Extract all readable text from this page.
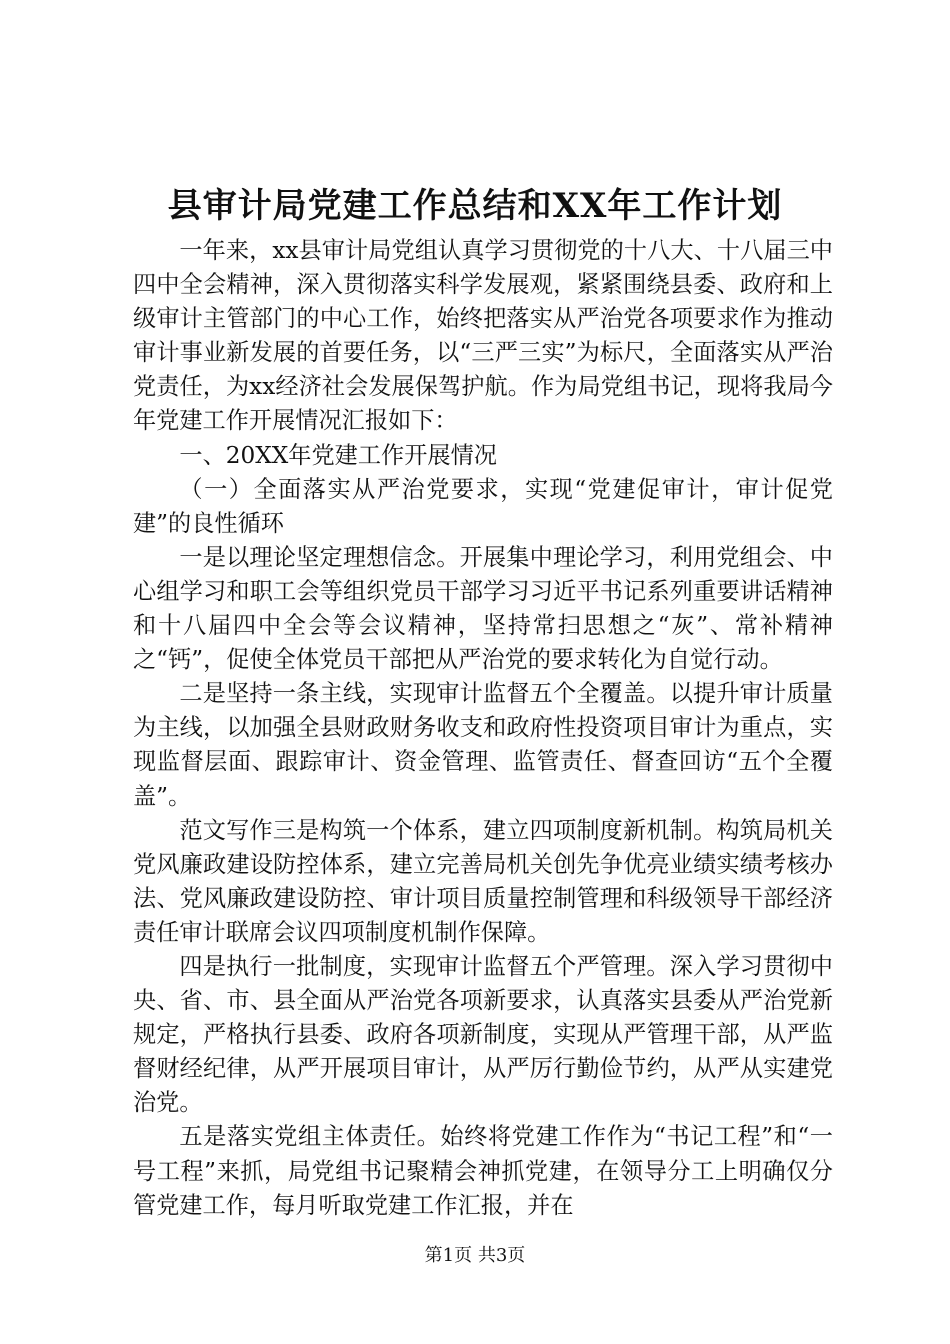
县审计局党建工作总结和XX年工作计划

一年来，xx县审计局党组认真学习贯彻党的十八大、十八届三中四中全会精神，深入贯彻落实科学发展观，紧紧围绕县委、政府和上级审计主管部门的中心工作，始终把落实从严治党各项要求作为推动审计事业新发展的首要任务，以“三严三实”为标尺，全面落实从严治党责任，为xx经济社会发展保驾护航。作为局党组书记，现将我局今年党建工作开展情况汇报如下：

一、20XX年党建工作开展情况

（一）全面落实从严治党要求，实现“党建促审计，审计促党建”的良性循环

一是以理论坚定理想信念。开展集中理论学习，利用党组会、中心组学习和职工会等组织党员干部学习习近平书记系列重要讲话精神和十八届四中全会等会议精神，坚持常扫思想之“灰”、常补精神之“钙”，促使全体党员干部把从严治党的要求转化为自觉行动。

二是坚持一条主线，实现审计监督五个全覆盖。以提升审计质量为主线，以加强全县财政财务收支和政府性投资项目审计为重点，实现监督层面、跟踪审计、资金管理、监管责任、督查回访“五个全覆盖”。

范文写作三是构筑一个体系，建立四项制度新机制。构筑局机关党风廉政建设防控体系，建立完善局机关创先争优亮业绩实绩考核办法、党风廉政建设防控、审计项目质量控制管理和科级领导干部经济责任审计联席会议四项制度机制作保障。

四是执行一批制度，实现审计监督五个严管理。深入学习贯彻中央、省、市、县全面从严治党各项新要求，认真落实县委从严治党新规定，严格执行县委、政府各项新制度，实现从严管理干部，从严监督财经纪律，从严开展项目审计，从严厉行勤俭节约，从严从实建党治党。

五是落实党组主体责任。始终将党建工作作为“书记工程”和“一号工程”来抓，局党组书记聚精会神抓党建，在领导分工上明确仅分管党建工作，每月听取党建工作汇报，并在

第1页 共3页
